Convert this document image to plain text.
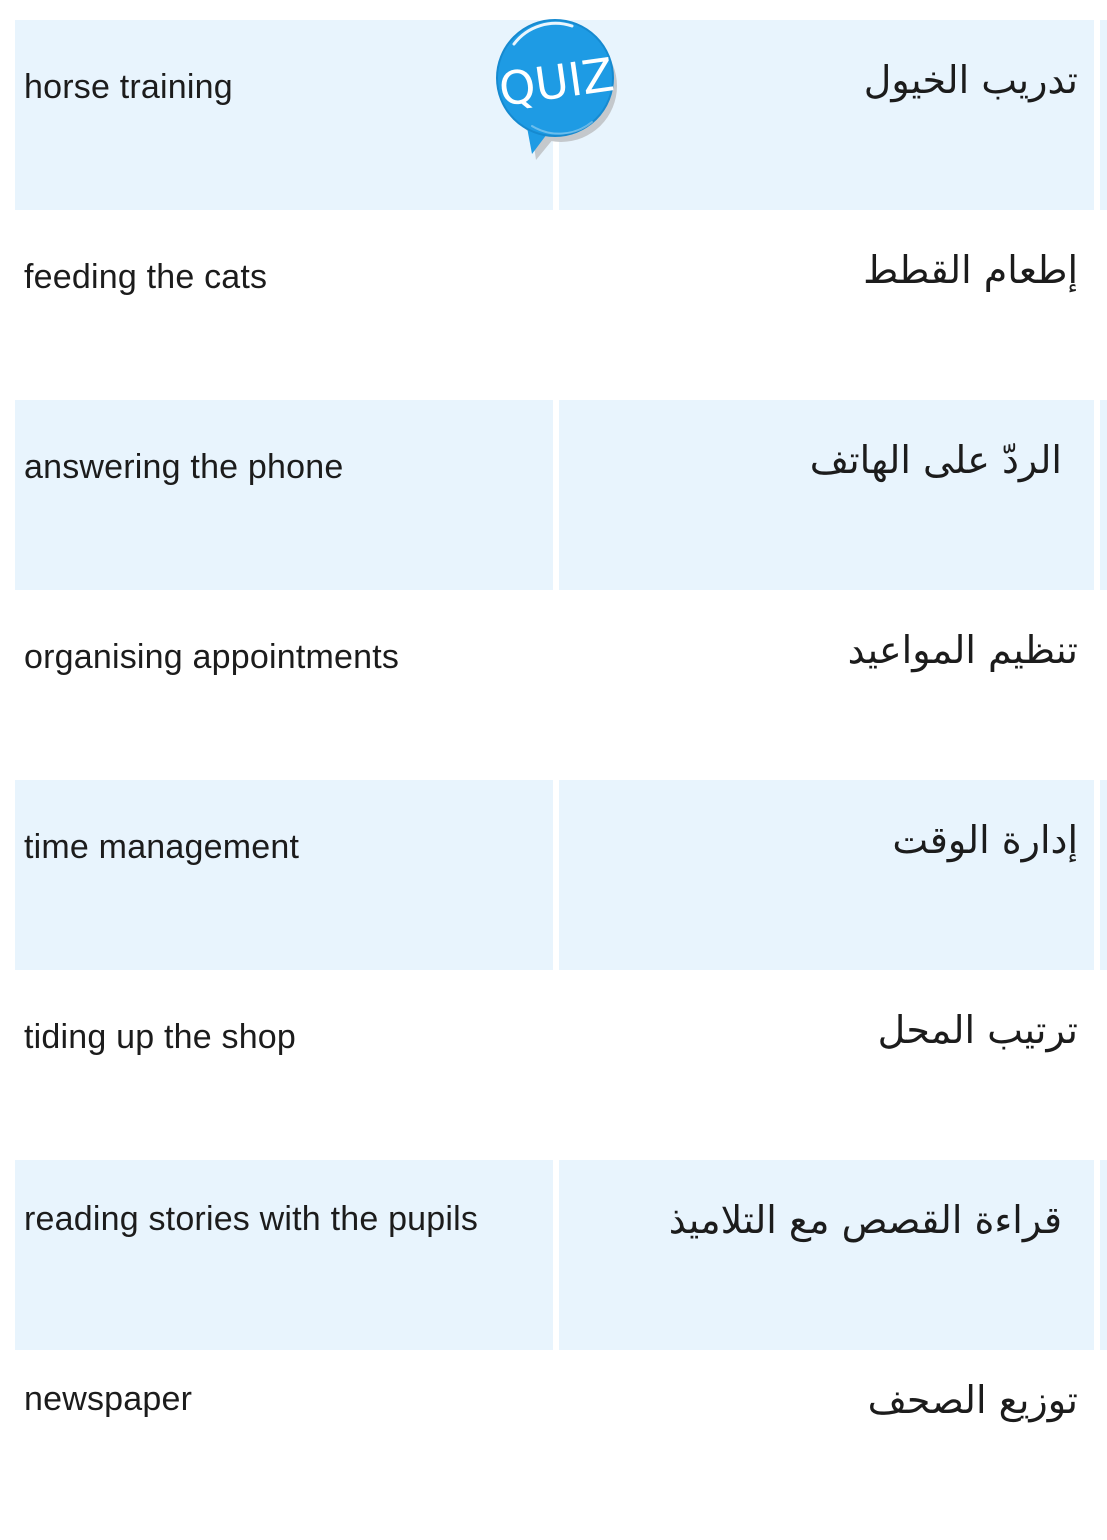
horse training	تدريب الخيول
feeding the cats	إطعام القطط
answering the phone	الردّ على الهاتف
organising appointments	تنظيم المواعيد
time management	إدارة الوقت
tiding up the shop	ترتيب المحل
reading stories with the pupils	قراءة القصص مع التلاميذ
newspaper	توزيع الصحف
QUIZ
